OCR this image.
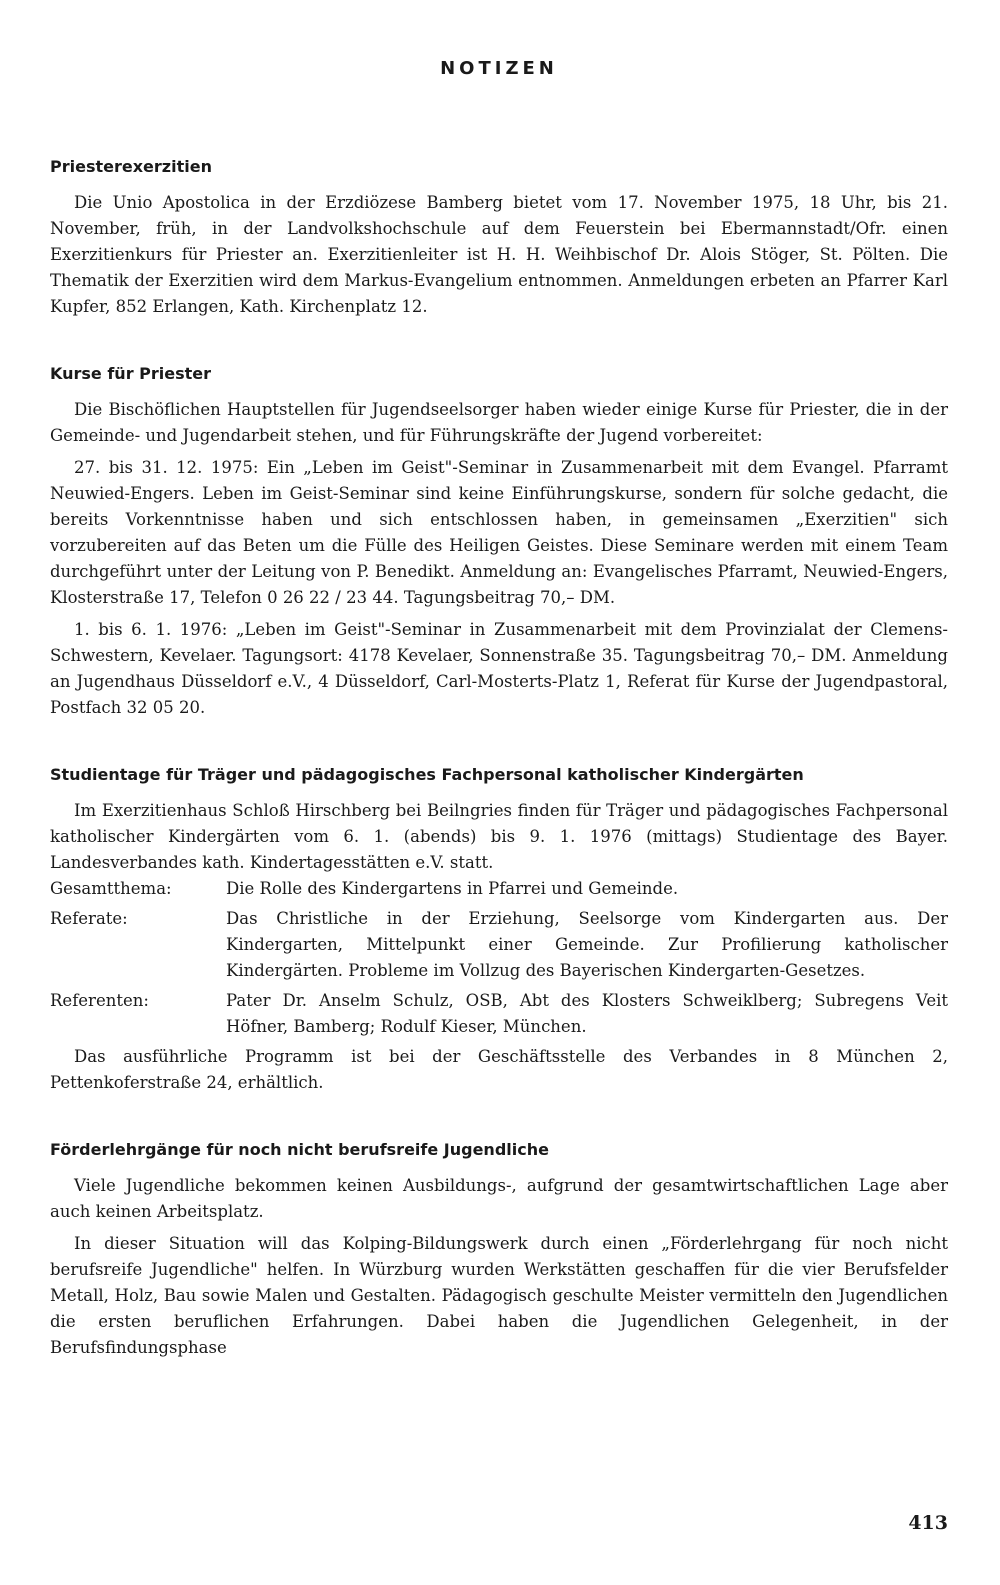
NOTIZEN
Priesterexerzitien

Die Unio Apostolica in der Erzdiözese Bamberg bietet vom 17. November 1975, 18 Uhr, bis 21. November, früh, in der Landvolkshochschule auf dem Feuerstein bei Ebermannstadt/Ofr. einen Exerzitienkurs für Priester an. Exerzitienleiter ist H. H. Weihbischof Dr. Alois Stöger, St. Pölten. Die Thematik der Exerzitien wird dem Markus-Evangelium entnommen. Anmeldungen erbeten an Pfarrer Karl Kupfer, 852 Erlangen, Kath. Kirchenplatz 12.

Kurse für Priester

Die Bischöflichen Hauptstellen für Jugendseelsorger haben wieder einige Kurse für Priester, die in der Gemeinde- und Jugendarbeit stehen, und für Führungskräfte der Jugend vorbereitet:

27. bis 31. 12. 1975: Ein „Leben im Geist"-Seminar in Zusammenarbeit mit dem Evangel. Pfarramt Neuwied-Engers. Leben im Geist-Seminar sind keine Einführungskurse, sondern für solche gedacht, die bereits Vorkenntnisse haben und sich entschlossen haben, in gemeinsamen „Exerzitien" sich vorzubereiten auf das Beten um die Fülle des Heiligen Geistes. Diese Seminare werden mit einem Team durchgeführt unter der Leitung von P. Benedikt. Anmeldung an: Evangelisches Pfarramt, Neuwied-Engers, Klosterstraße 17, Telefon 0 26 22 / 23 44. Tagungsbeitrag 70,– DM.

1. bis 6. 1. 1976: „Leben im Geist"-Seminar in Zusammenarbeit mit dem Provinzialat der Clemens-Schwestern, Kevelaer. Tagungsort: 4178 Kevelaer, Sonnenstraße 35. Tagungsbeitrag 70,– DM. Anmeldung an Jugendhaus Düsseldorf e.V., 4 Düsseldorf, Carl-Mosterts-Platz 1, Referat für Kurse der Jugendpastoral, Postfach 32 05 20.

Studientage für Träger und pädagogisches Fachpersonal katholischer Kindergärten

Im Exerzitienhaus Schloß Hirschberg bei Beilngries finden für Träger und pädagogisches Fachpersonal katholischer Kindergärten vom 6. 1. (abends) bis 9. 1. 1976 (mittags) Studientage des Bayer. Landesverbandes kath. Kindertagesstätten e.V. statt.

Gesamtthema:	Die Rolle des Kindergartens in Pfarrei und Gemeinde.
Referate:	Das Christliche in der Erziehung, Seelsorge vom Kindergarten aus. Der Kindergarten, Mittelpunkt einer Gemeinde. Zur Profilierung katholischer Kindergärten. Probleme im Vollzug des Bayerischen Kindergarten-Gesetzes.
Referenten:	Pater Dr. Anselm Schulz, OSB, Abt des Klosters Schweiklberg; Subregens Veit Höfner, Bamberg; Rodulf Kieser, München.

Das ausführliche Programm ist bei der Geschäftsstelle des Verbandes in 8 München 2, Pettenkoferstraße 24, erhältlich.

Förderlehrgänge für noch nicht berufsreife Jugendliche

Viele Jugendliche bekommen keinen Ausbildungs-, aufgrund der gesamtwirtschaftlichen Lage aber auch keinen Arbeitsplatz.

In dieser Situation will das Kolping-Bildungswerk durch einen „Förderlehrgang für noch nicht berufsreife Jugendliche" helfen. In Würzburg wurden Werkstätten geschaffen für die vier Berufsfelder Metall, Holz, Bau sowie Malen und Gestalten. Pädagogisch geschulte Meister vermitteln den Jugendlichen die ersten beruflichen Erfahrungen. Dabei haben die Jugendlichen Gelegenheit, in der Berufsfindungsphase

413
